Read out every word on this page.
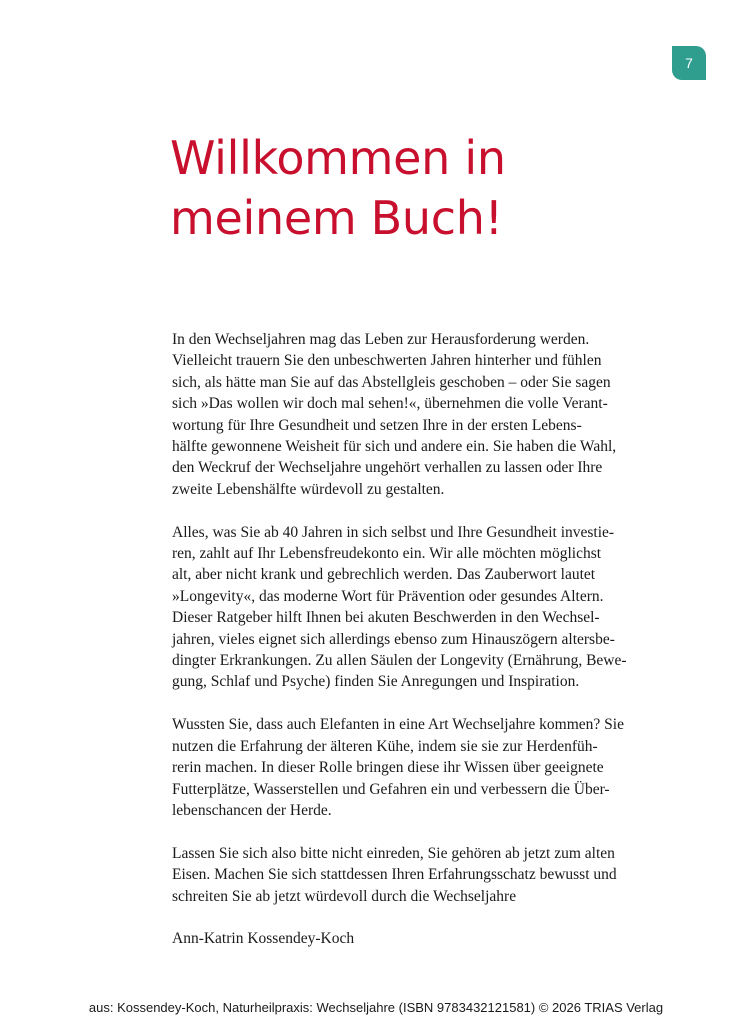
7
Willkommen in
meinem Buch!

In den Wechseljahren mag das Leben zur Herausforderung werden.
Vielleicht trauern Sie den unbeschwerten Jahren hinterher und fühlen
sich, als hätte man Sie auf das Abstellgleis geschoben – oder Sie sagen
sich »Das wollen wir doch mal sehen!«, übernehmen die volle Verant-
wortung für Ihre Gesundheit und setzen Ihre in der ersten Lebens-
hälfte gewonnene Weisheit für sich und andere ein. Sie haben die Wahl,
den Weckruf der Wechseljahre ungehört verhallen zu lassen oder Ihre
zweite Lebenshälfte würdevoll zu gestalten.

Alles, was Sie ab 40 Jahren in sich selbst und Ihre Gesundheit investie-
ren, zahlt auf Ihr Lebensfreudekonto ein. Wir alle möchten möglichst
alt, aber nicht krank und gebrechlich werden. Das Zauberwort lautet
»Longevity«, das moderne Wort für Prävention oder gesundes Altern.
Dieser Ratgeber hilft Ihnen bei akuten Beschwerden in den Wechsel-
jahren, vieles eignet sich allerdings ebenso zum Hinauszögern altersbe-
dingter Erkrankungen. Zu allen Säulen der Longevity (Ernährung, Bewe-
gung, Schlaf und Psyche) finden Sie Anregungen und Inspiration.

Wussten Sie, dass auch Elefanten in eine Art Wechseljahre kommen? Sie
nutzen die Erfahrung der älteren Kühe, indem sie sie zur Herdenfüh-
rerin machen. In dieser Rolle bringen diese ihr Wissen über geeignete
Futterplätze, Wasserstellen und Gefahren ein und verbessern die Über-
lebenschancen der Herde.

Lassen Sie sich also bitte nicht einreden, Sie gehören ab jetzt zum alten
Eisen. Machen Sie sich stattdessen Ihren Erfahrungsschatz bewusst und
schreiten Sie ab jetzt würdevoll durch die Wechseljahre

Ann-Katrin Kossendey-Koch

aus: Kossendey-Koch, Naturheilpraxis: Wechseljahre (ISBN 9783432121581) © 2026 TRIAS Verlag
